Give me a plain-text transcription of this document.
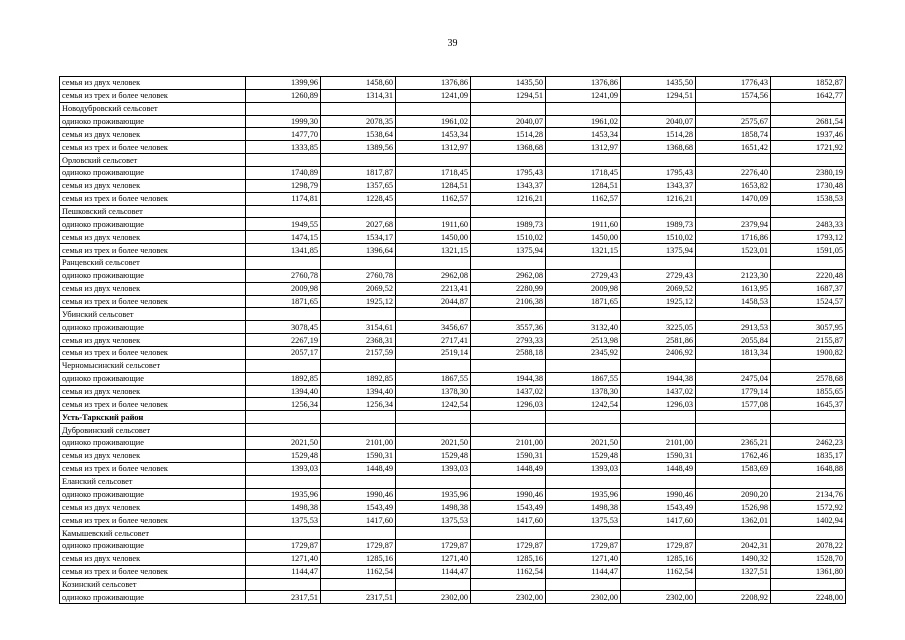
39
семья из двух человек	1399,96	1458,60	1376,86	1435,50	1376,86	1435,50	1776,43	1852,87
семья из трех и более человек	1260,89	1314,31	1241,09	1294,51	1241,09	1294,51	1574,56	1642,77
Новодубровский сельсовет								
одиноко проживающие	1999,30	2078,35	1961,02	2040,07	1961,02	2040,07	2575,67	2681,54
семья из двух человек	1477,70	1538,64	1453,34	1514,28	1453,34	1514,28	1858,74	1937,46
семья из трех и более человек	1333,85	1389,56	1312,97	1368,68	1312,97	1368,68	1651,42	1721,92
Орловский сельсовет								
одиноко проживающие	1740,89	1817,87	1718,45	1795,43	1718,45	1795,43	2276,40	2380,19
семья из двух человек	1298,79	1357,65	1284,51	1343,37	1284,51	1343,37	1653,82	1730,48
семья из трех и более человек	1174,81	1228,45	1162,57	1216,21	1162,57	1216,21	1470,09	1538,53
Пешковский сельсовет								
одиноко проживающие	1949,55	2027,68	1911,60	1989,73	1911,60	1989,73	2379,94	2483,33
семья из двух человек	1474,15	1534,17	1450,00	1510,02	1450,00	1510,02	1716,86	1793,12
семья из трех и более человек	1341,85	1396,64	1321,15	1375,94	1321,15	1375,94	1523,01	1591,05
Ранцевский сельсовет								
одиноко проживающие	2760,78	2760,78	2962,08	2962,08	2729,43	2729,43	2123,30	2220,48
семья из двух человек	2009,98	2069,52	2213,41	2280,99	2009,98	2069,52	1613,95	1687,37
семья из трех и более человек	1871,65	1925,12	2044,87	2106,38	1871,65	1925,12	1458,53	1524,57
Убинский сельсовет								
одиноко проживающие	3078,45	3154,61	3456,67	3557,36	3132,40	3225,05	2913,53	3057,95
семья из двух человек	2267,19	2368,31	2717,41	2793,33	2513,98	2581,86	2055,84	2155,87
семья из трех и более человек	2057,17	2157,59	2519,14	2588,18	2345,92	2406,92	1813,34	1900,82
Черномысинский сельсовет								
одиноко проживающие	1892,85	1892,85	1867,55	1944,38	1867,55	1944,38	2475,04	2578,68
семья из двух человек	1394,40	1394,40	1378,30	1437,02	1378,30	1437,02	1779,14	1855,65
семья из трех и более человек	1256,34	1256,34	1242,54	1296,03	1242,54	1296,03	1577,08	1645,37
Усть-Таркский район								
Дубровинский сельсовет								
одиноко проживающие	2021,50	2101,00	2021,50	2101,00	2021,50	2101,00	2365,21	2462,23
семья из двух человек	1529,48	1590,31	1529,48	1590,31	1529,48	1590,31	1762,46	1835,17
семья из трех и более человек	1393,03	1448,49	1393,03	1448,49	1393,03	1448,49	1583,69	1648,88
Еланский сельсовет								
одиноко проживающие	1935,96	1990,46	1935,96	1990,46	1935,96	1990,46	2090,20	2134,76
семья из двух человек	1498,38	1543,49	1498,38	1543,49	1498,38	1543,49	1526,98	1572,92
семья из трех и более человек	1375,53	1417,60	1375,53	1417,60	1375,53	1417,60	1362,01	1402,94
Камышевский сельсовет								
одиноко проживающие	1729,87	1729,87	1729,87	1729,87	1729,87	1729,87	2042,31	2078,22
семья из двух человек	1271,40	1285,16	1271,40	1285,16	1271,40	1285,16	1490,32	1528,70
семья из трех и более человек	1144,47	1162,54	1144,47	1162,54	1144,47	1162,54	1327,51	1361,80
Козинский сельсовет								
одиноко проживающие	2317,51	2317,51	2302,00	2302,00	2302,00	2302,00	2208,92	2248,00
